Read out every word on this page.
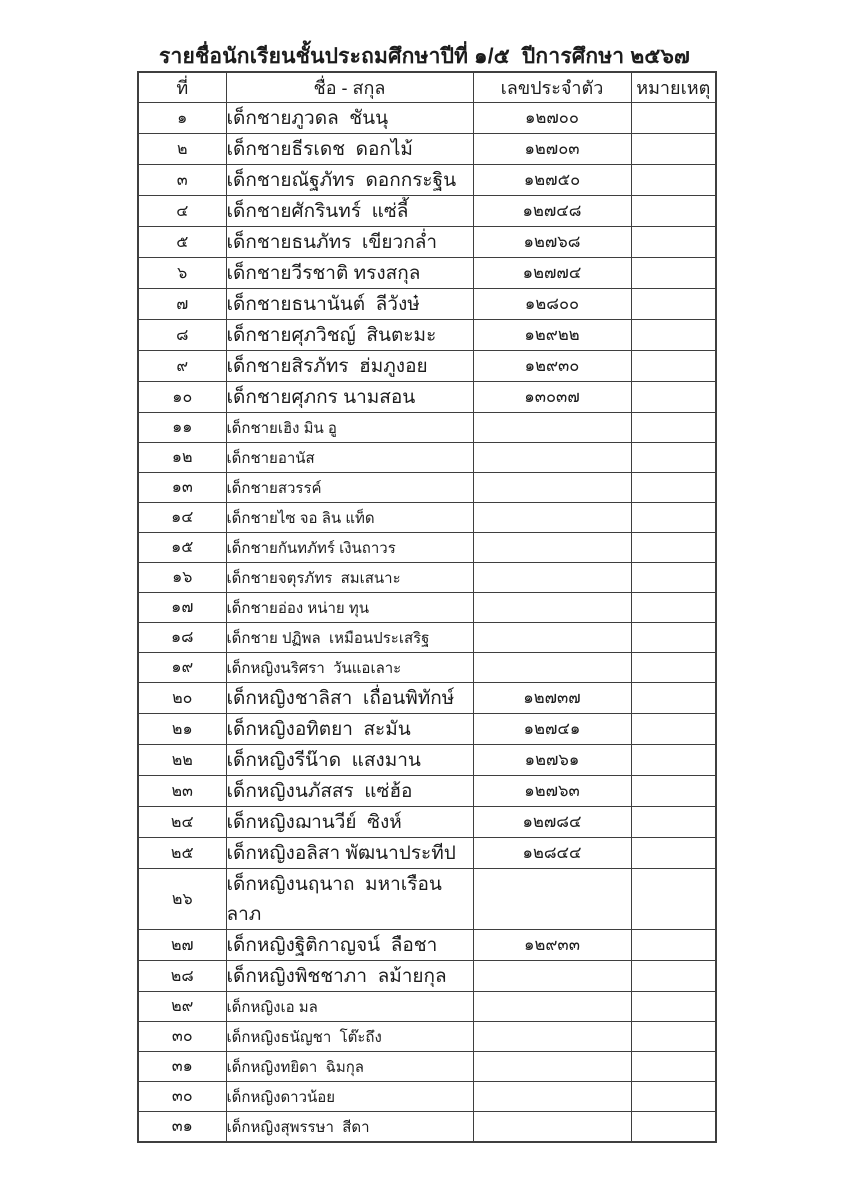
รายชื่อนักเรียนชั้นประถมศึกษาปีที่ ๑/๕  ปีการศึกษา ๒๕๖๗
ที่	ชื่อ - สกุล	เลขประจำตัว	หมายเหตุ
๑	เด็กชายภูวดล  ชันนุ	๑๒๗๐๐	
๒	เด็กชายธีรเดช  ดอกไม้	๑๒๗๐๓	
๓	เด็กชายณัฐภัทร  ดอกกระฐิน	๑๒๗๕๐	
๔	เด็กชายศักรินทร์  แซ่ลี้	๑๒๗๔๘	
๕	เด็กชายธนภัทร  เขียวกล่ำ	๑๒๗๖๘	
๖	เด็กชายวีรชาติ ทรงสกุล	๑๒๗๗๔	
๗	เด็กชายธนานันต์  ลีวังษ๋	๑๒๘๐๐	
๘	เด็กชายศุภวิชญ์  สินตะมะ	๑๒๙๒๒	
๙	เด็กชายสิรภัทร  ฮ่มภูงอย	๑๒๙๓๐	
๑๐	เด็กชายศุภกร นามสอน	๑๓๐๓๗	
๑๑	เด็กชายเฮิง มิน อู		
๑๒	เด็กชายอานัส		
๑๓	เด็กชายสวรรค์		
๑๔	เด็กชายไซ จอ ลิน แท็ด		
๑๕	เด็กชายกันทภัทร์ เงินถาวร		
๑๖	เด็กชายจตุรภัทร  สมเสนาะ		
๑๗	เด็กชายอ่อง หน่าย ทุน		
๑๘	เด็กชาย ปฏิพล  เหมือนประเสริฐ		
๑๙	เด็กหญิงนริศรา  วันแอเลาะ		
๒๐	เด็กหญิงชาลิสา  เถื่อนพิทักษ์	๑๒๗๓๗	
๒๑	เด็กหญิงอทิตยา  สะมัน	๑๒๗๔๑	
๒๒	เด็กหญิงรีน๊าด  แสงมาน	๑๒๗๖๑	
๒๓	เด็กหญิงนภัสสร  แซ่ฮ้อ	๑๒๗๖๓	
๒๔	เด็กหญิงฌานวีย์  ซิงห์	๑๒๗๘๔	
๒๕	เด็กหญิงอลิสา พัฒนาประทีป	๑๒๘๔๔	
๒๖	เด็กหญิงนฤนาถ  มหาเรือนลาภ		
๒๗	เด็กหญิงฐิติกาญจน์  ลือชา	๑๒๙๓๓	
๒๘	เด็กหญิงพิชชาภา  ลม้ายกุล		
๒๙	เด็กหญิงเอ มล		
๓๐	เด็กหญิงธนัญชา  โต๊ะถึง		
๓๑	เด็กหญิงทยิดา  ฉิมกุล		
๓๐	เด็กหญิงดาวน้อย		
๓๑	เด็กหญิงสุพรรษา  สีดา		
